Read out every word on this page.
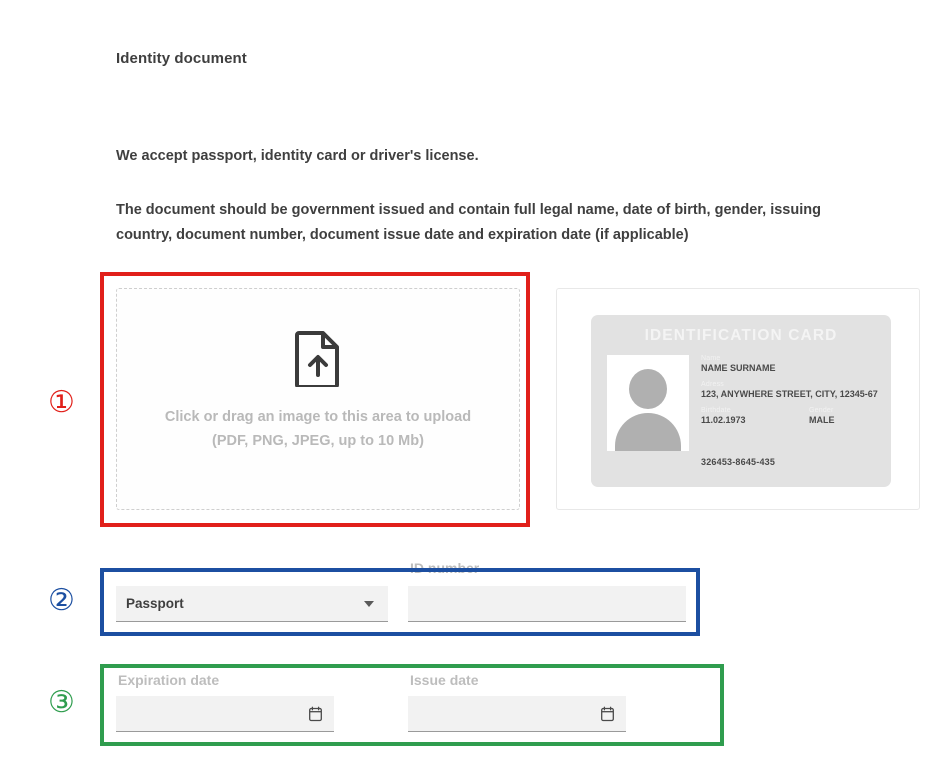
Identity document
We accept passport, identity card or driver's license.
The document should be government issued and contain full legal name, date of birth, gender, issuing country, document number, document issue date and expiration date (if applicable)
Click or drag an image to this area to upload
(PDF, PNG, JPEG, up to 10 Mb)
IDENTIFICATION CARD
Name
NAME SURNAME
Adress
123, ANYWHERE STREET, CITY, 12345-67
Birthdate
11.02.1973
Gender
MALE
326453-8645-435
Passport
ID number
Expiration date	Issue date
①
②
③
